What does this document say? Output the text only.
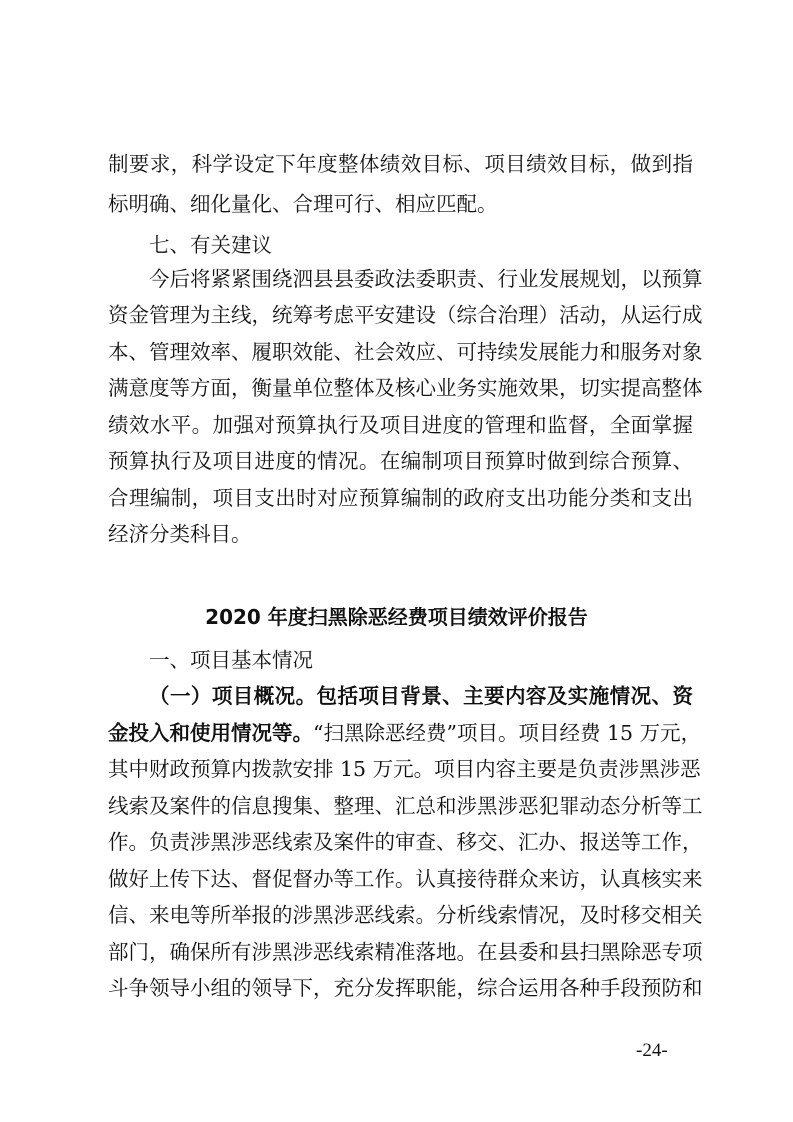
制要求，科学设定下年度整体绩效目标、项目绩效目标，做到指

标明确、细化量化、合理可行、相应匹配。

七、有关建议

今后将紧紧围绕泗县县委政法委职责、行业发展规划，以预算

资金管理为主线，统筹考虑平安建设（综合治理）活动，从运行成

本、管理效率、履职效能、社会效应、可持续发展能力和服务对象

满意度等方面，衡量单位整体及核心业务实施效果，切实提高整体

绩效水平。加强对预算执行及项目进度的管理和监督，全面掌握

预算执行及项目进度的情况。在编制项目预算时做到综合预算、

合理编制，项目支出时对应预算编制的政府支出功能分类和支出

经济分类科目。

2020 年度扫黑除恶经费项目绩效评价报告

一、项目基本情况

（一）项目概况。包括项目背景、主要内容及实施情况、资

金投入和使用情况等。“扫黑除恶经费”项目。项目经费 15 万元，

其中财政预算内拨款安排 15 万元。项目内容主要是负责涉黑涉恶

线索及案件的信息搜集、整理、汇总和涉黑涉恶犯罪动态分析等工

作。负责涉黑涉恶线索及案件的审查、移交、汇办、报送等工作，

做好上传下达、督促督办等工作。认真接待群众来访，认真核实来

信、来电等所举报的涉黑涉恶线索。分析线索情况，及时移交相关

部门，确保所有涉黑涉恶线索精准落地。在县委和县扫黑除恶专项

斗争领导小组的领导下，充分发挥职能，综合运用各种手段预防和

-24-
